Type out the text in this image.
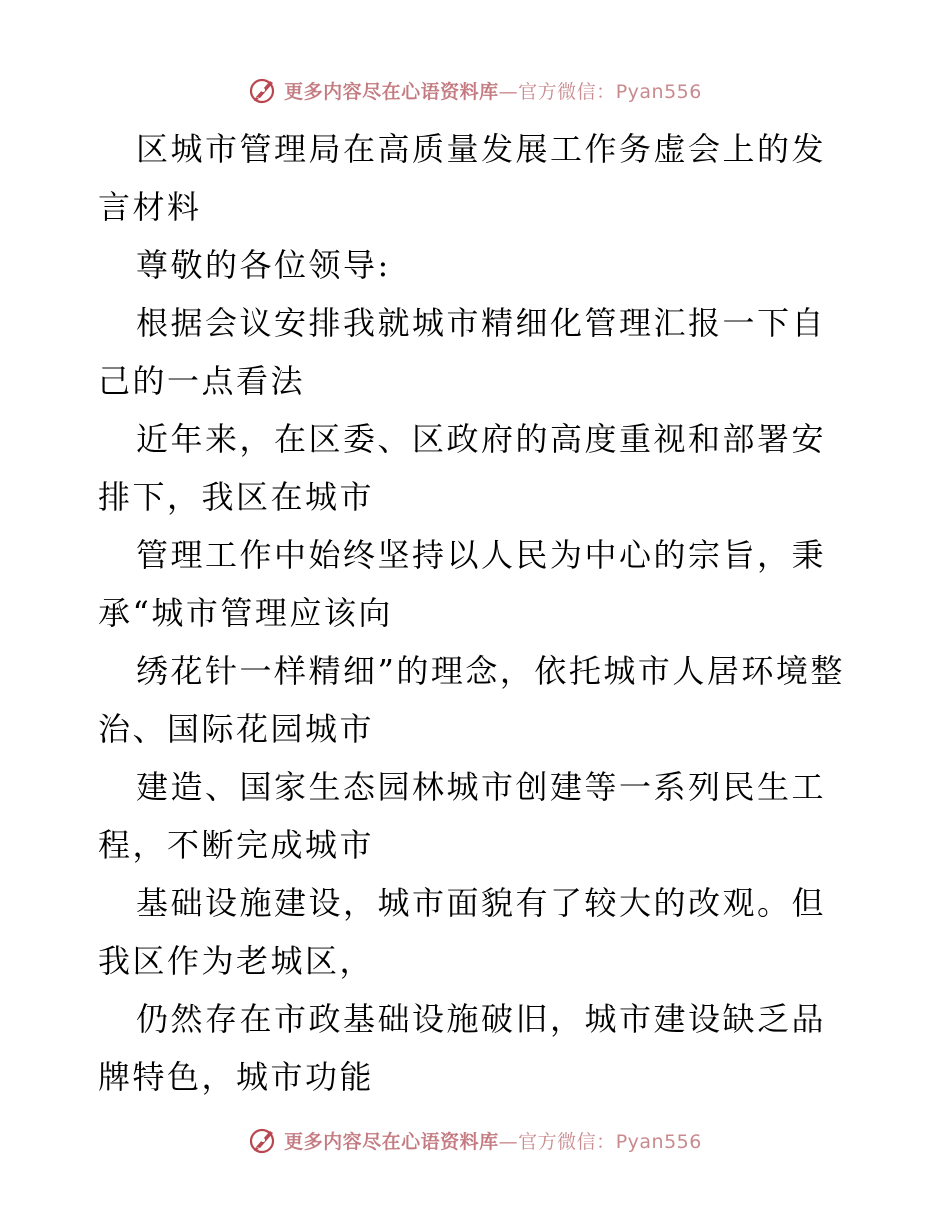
更多内容尽在心语资料库—官方微信：Pyan556

区城市管理局在高质量发展工作务虚会上的发言材料

尊敬的各位领导:

根据会议安排我就城市精细化管理汇报一下自己的一点看法

近年来，在区委、区政府的高度重视和部署安排下，我区在城市

管理工作中始终坚持以人民为中心的宗旨，秉承“城市管理应该向

绣花针一样精细”的理念，依托城市人居环境整治、国际花园城市

建造、国家生态园林城市创建等一系列民生工程，不断完成城市

基础设施建设，城市面貌有了较大的改观。但我区作为老城区，

仍然存在市政基础设施破旧，城市建设缺乏品牌特色，城市功能

更多内容尽在心语资料库—官方微信：Pyan556
